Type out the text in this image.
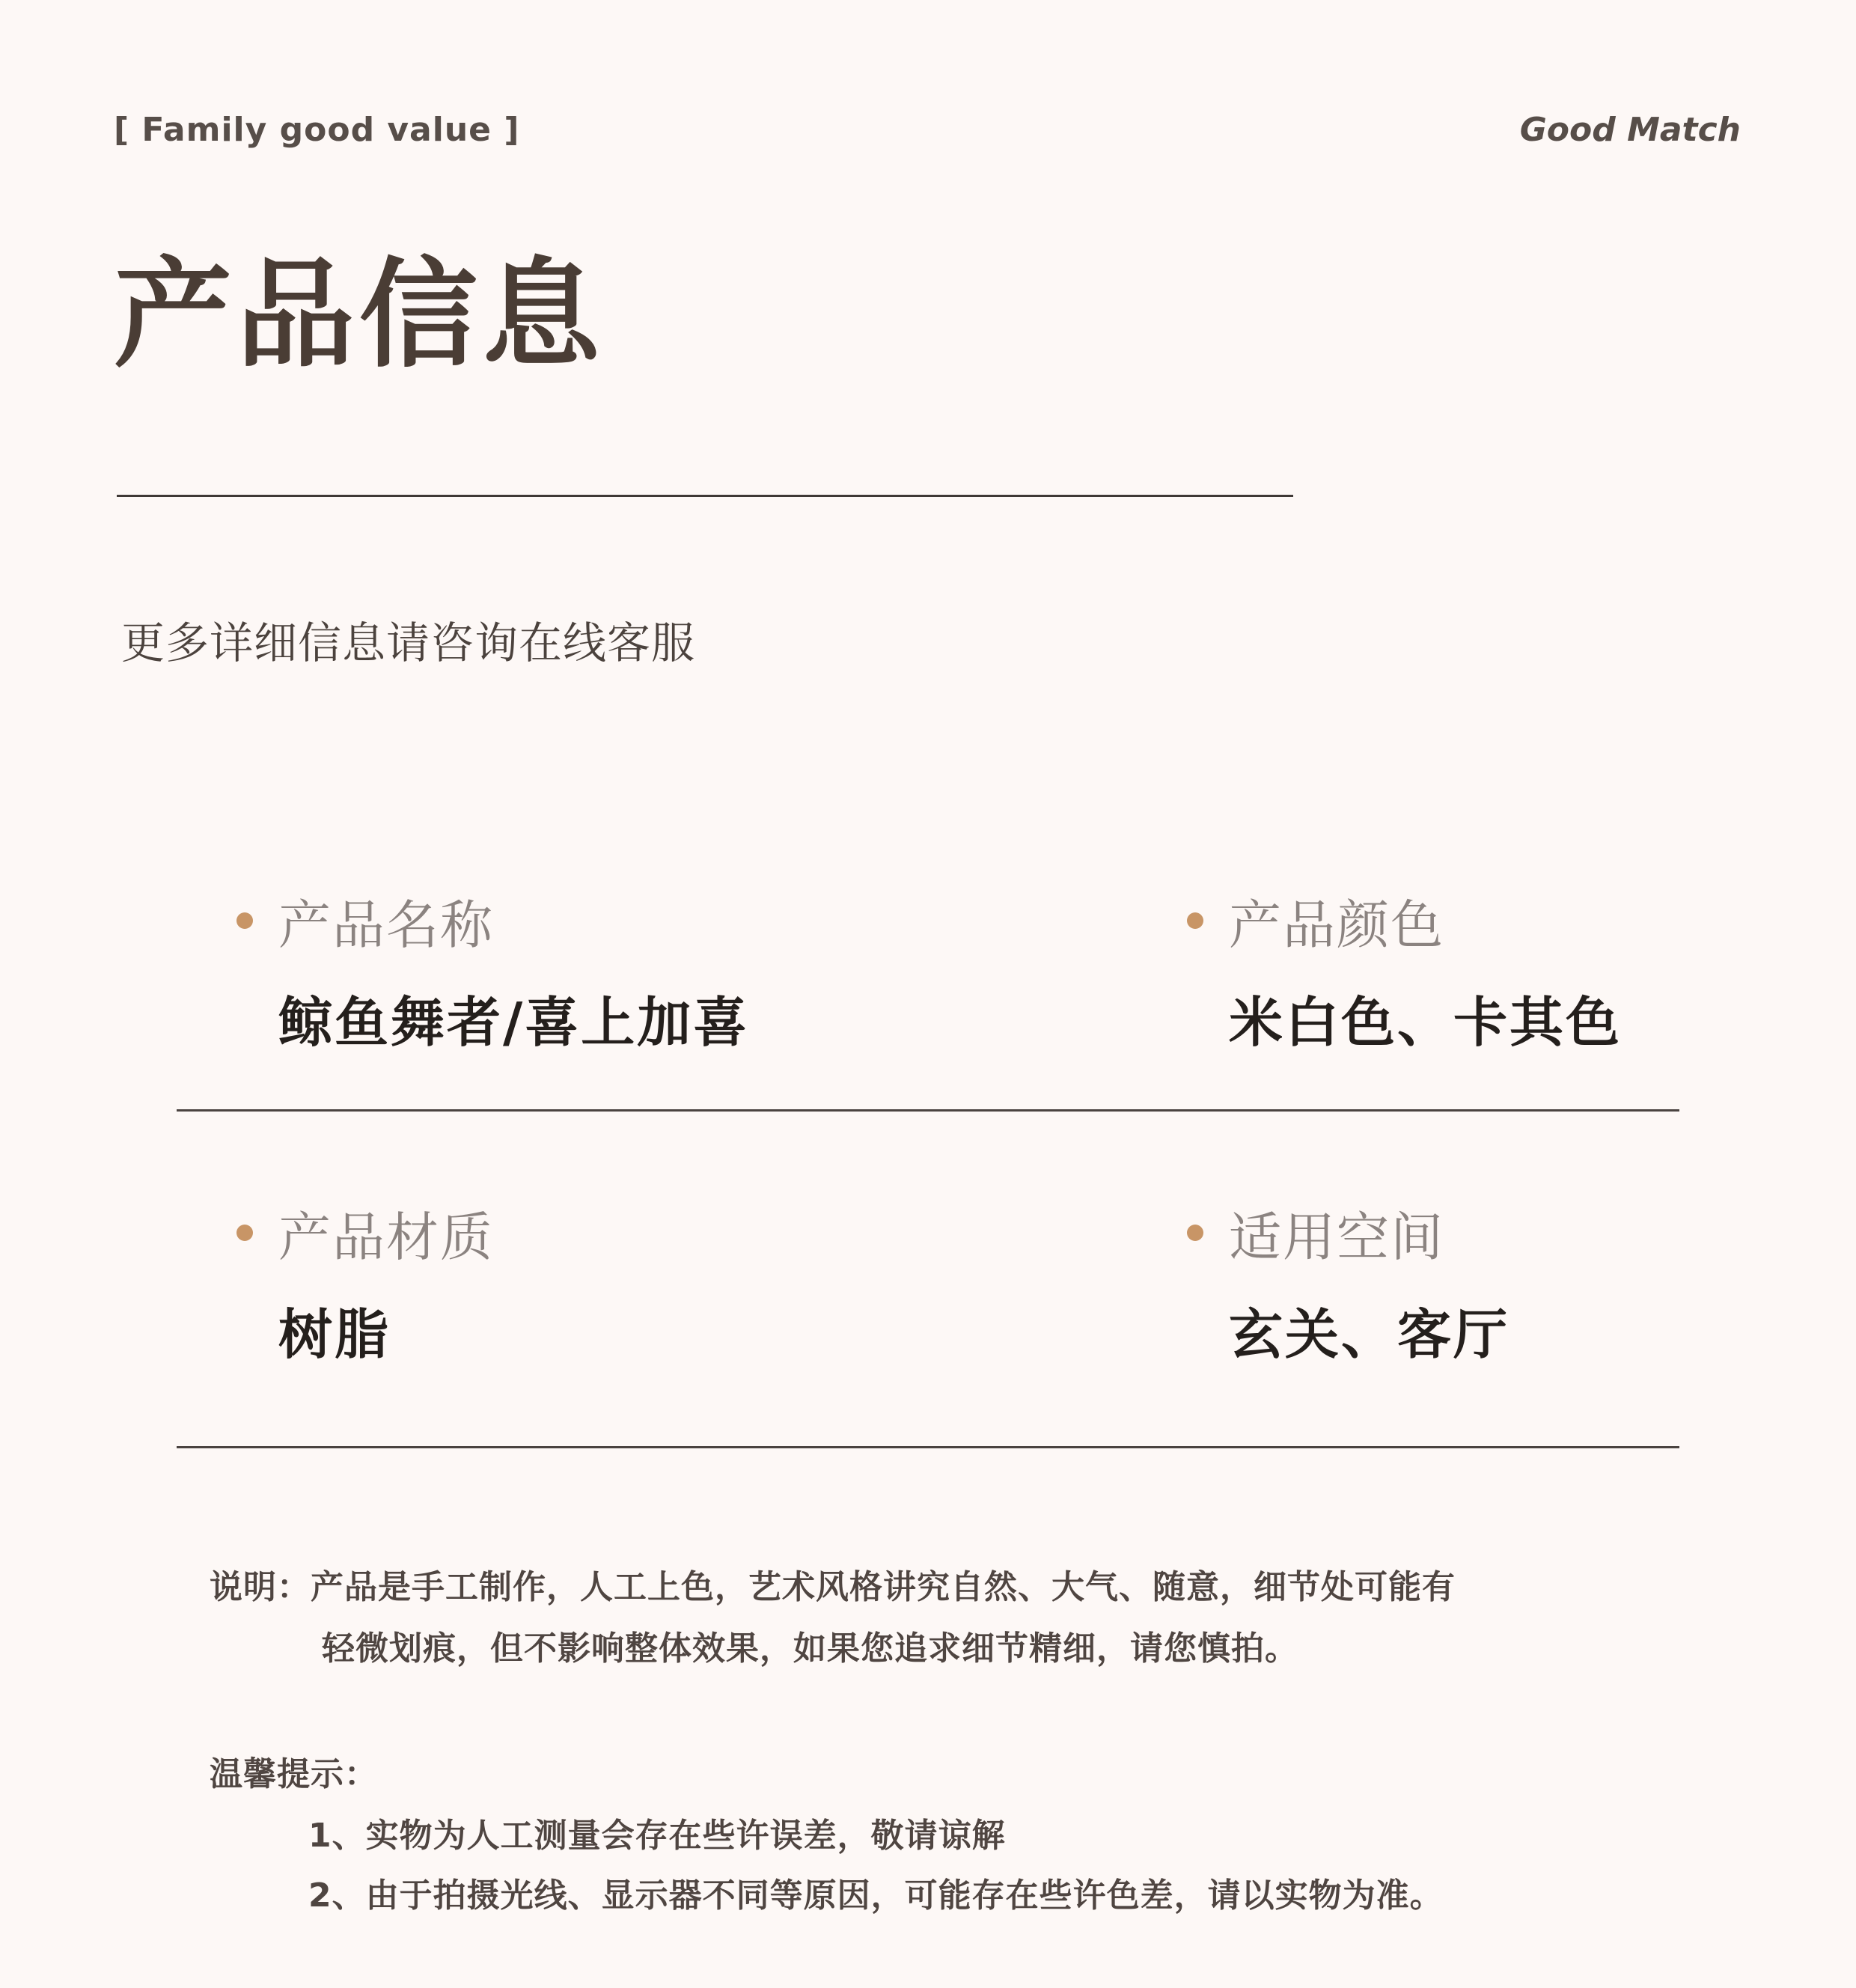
[ Family good value ]	Good Match
产品信息
更多详细信息请咨询在线客服
产品名称
鲸鱼舞者/喜上加喜
产品颜色
米白色、卡其色
产品材质
树脂
适用空间
玄关、客厅
说明：产品是手工制作，人工上色，艺术风格讲究自然、大气、随意，细节处可能有
轻微划痕，但不影响整体效果，如果您追求细节精细，请您慎拍。
温馨提示：
1、实物为人工测量会存在些许误差，敬请谅解
2、由于拍摄光线、显示器不同等原因，可能存在些许色差，请以实物为准。
